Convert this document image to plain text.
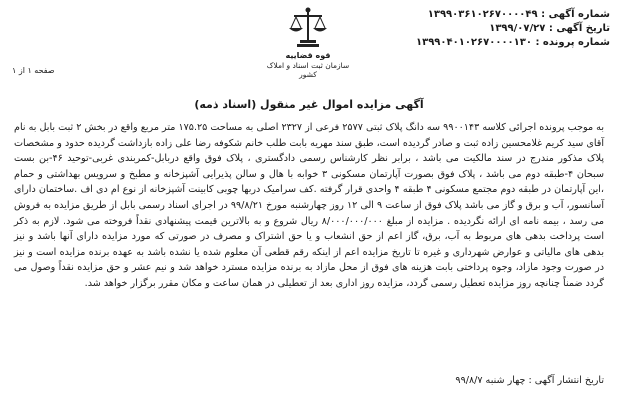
شماره آگهی : ۱۳۹۹۰۳۶۱۰۲۶۷۰۰۰۰۴۹
تاریخ آگهی : ۱۳۹۹/۰۷/۲۷
شماره پرونده : ۱۳۹۹۰۴۰۱۰۲۶۷۰۰۰۰۱۳۰
قوه قضاییه
سازمان ثبت اسناد و املاک کشور
صفحه ۱ از ۱
آگهی مزایده اموال غیر منقول (اسناد ذمه)
به موجب پرونده اجرائی کلاسه ۹۹۰۰۱۴۳ سه دانگ پلاک ثبتی ۲۵۷۷ فرعی از ۲۳۲۷ اصلی به مساحت ۱۷۵.۲۵ متر مربع واقع در بخش ۲ ثبت بابل به نام آقای سید کریم غلامحسین زاده ثبت و صادر گردیده است، طبق سند مهریه بابت طلب خانم شکوفه رضا علی زاده بازداشت گردیده حدود و مشخصات پلاک مذکور مندرج در سند مالکیت می باشد ، برابر نظر کارشناس رسمی دادگستری ، پلاک فوق واقع دربابل-کمربندی غربی-توحید ۴۶-بن بست سبحان ۴-طبقه دوم می باشد ، پلاک فوق بصورت آپارتمان مسکونی ۳ خوابه با هال و سالن پذیرایی آشپزخانه و مطبخ و سرویس بهداشتی و حمام ،این آپارتمان در طبقه دوم مجتمع مسکونی ۴ طبقه ۴ واحدی قرار گرفته .کف سرامیک دربها چوبی کابینت آشپزخانه از نوع ام دی اف .ساختمان دارای آسانسور، آب و برق و گاز می باشد پلاک فوق از ساعت ۹ الی ۱۲ روز چهارشنبه مورخ ۹۹/۸/۲۱ در اجرای اسناد رسمی بابل از طریق مزایده به فروش می رسد ، بیمه نامه ای ارائه نگردیده . مزایده از مبلغ ۸/۰۰۰/۰۰۰/۰۰۰ ریال شروع و به بالاترین قیمت پیشنهادی نقداً فروخته می شود. لازم به ذکر است پرداخت بدهی های مربوط به آب، برق، گاز اعم از حق انشعاب و یا حق اشتراک و مصرف در صورتی که مورد مزایده دارای آنها باشد و نیز بدهی های مالیاتی و عوارض شهرداری و غیره تا تاریخ مزایده اعم از اینکه رقم قطعی آن معلوم شده یا نشده باشد به عهده برنده مزایده است و نیز در صورت وجود مازاد، وجوه پرداختی بابت هزینه های فوق از محل مازاد به برنده مزایده مسترد خواهد شد و نیم عشر و حق مزایده نقداً وصول می گردد ضمناً چنانچه روز مزایده تعطیل رسمی گردد، مزایده روز اداری بعد از تعطیلی در همان ساعت و مکان مقرر برگزار خواهد شد.
تاریخ انتشار آگهی : چهار شنبه ۹۹/۸/۷
